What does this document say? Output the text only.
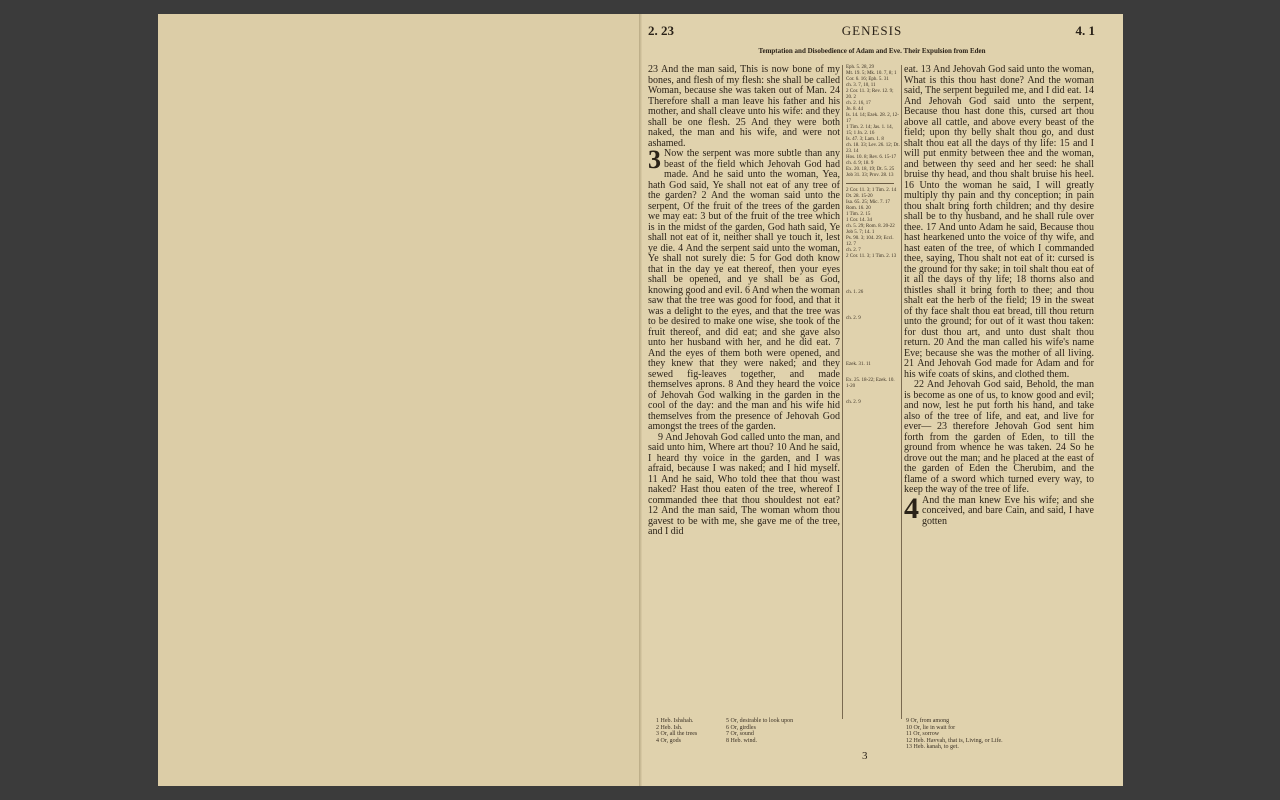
2. 23	GENESIS	4. 1
Temptation and Disobedience of Adam and Eve. Their Expulsion from Eden

23 And the man said, This is now bone of my bones, and flesh of my flesh: she shall be called Woman, because she was taken out of Man. 24 Therefore shall a man leave his father and his mother, and shall cleave unto his wife: and they shall be one flesh. 25 And they were both naked, the man and his wife, and were not ashamed.

3 Now the serpent was more subtle than any beast of the field which Jehovah God had made. And he said unto the woman, Yea, hath God said, Ye shall not eat of any tree of the garden? 2 And the woman said unto the serpent, Of the fruit of the trees of the garden we may eat: 3 but of the fruit of the tree which is in the midst of the garden, God hath said, Ye shall not eat of it, neither shall ye touch it, lest ye die. 4 And the serpent said unto the woman, Ye shall not surely die: 5 for God doth know that in the day ye eat thereof, then your eyes shall be opened, and ye shall be as God, knowing good and evil. 6 And when the woman saw that the tree was good for food, and that it was a delight to the eyes, and that the tree was to be desired to make one wise, she took of the fruit thereof, and did eat; and she gave also unto her husband with her, and he did eat. 7 And the eyes of them both were opened, and they knew that they were naked; and they sewed fig-leaves together, and made themselves aprons. 8 And they heard the voice of Jehovah God walking in the garden in the cool of the day: and the man and his wife hid themselves from the presence of Jehovah God amongst the trees of the garden.

9 And Jehovah God called unto the man, and said unto him, Where art thou? 10 And he said, I heard thy voice in the garden, and I was afraid, because I was naked; and I hid myself. 11 And he said, Who told thee that thou wast naked? Hast thou eaten of the tree, whereof I commanded thee that thou shouldest not eat? 12 And the man said, The woman whom thou gavest to be with me, she gave me of the tree, and I did

Eph. 5. 28, 29
Mt. 19. 5; Mk. 10. 7, 8; 1 Cor. 6. 16; Eph. 5. 31
ch. 3. 7, 10, 11
2 Cor. 11. 3; Rev. 12. 9; 20. 2
ch. 2. 16, 17
Jn. 8. 44
Is. 14. 14; Ezek. 28. 2, 12-17
1 Tim. 2. 14; Jas. 1. 14, 15; 1 Jn. 2. 16
Is. 47. 3; Lam. 1. 8
ch. 18. 33; Lev. 26. 12; Dt. 23. 14
Hos. 10. 8; Rev. 6. 15-17
ch. 4. 9; 18. 9
Ex. 20. 18, 19; Dt. 5. 25
Job 31. 33; Prov. 28. 13
2 Cor. 11. 3; 1 Tim. 2. 14
Dt. 28. 15-20
Isa. 65. 25; Mic. 7. 17
Rom. 16. 20
1 Tim. 2. 15
1 Cor. 14. 34
ch. 5. 29; Rom. 8. 20-22
Job 5. 7; 14. 1
Ps. 90. 3; 104. 29; Eccl. 12. 7
ch. 2. 7
2 Cor. 11. 3; 1 Tim. 2. 13
ch. 1. 26
ch. 2. 9
Ezek. 31. 11
Ex. 25. 18-22; Ezek. 10. 1-20
ch. 2. 9

eat. 13 And Jehovah God said unto the woman, What is this thou hast done? And the woman said, The serpent beguiled me, and I did eat. 14 And Jehovah God said unto the serpent, Because thou hast done this, cursed art thou above all cattle, and above every beast of the field; upon thy belly shalt thou go, and dust shalt thou eat all the days of thy life: 15 and I will put enmity between thee and the woman, and between thy seed and her seed: he shall bruise thy head, and thou shalt bruise his heel. 16 Unto the woman he said, I will greatly multiply thy pain and thy conception; in pain thou shalt bring forth children; and thy desire shall be to thy husband, and he shall rule over thee. 17 And unto Adam he said, Because thou hast hearkened unto the voice of thy wife, and hast eaten of the tree, of which I commanded thee, saying, Thou shalt not eat of it: cursed is the ground for thy sake; in toil shalt thou eat of it all the days of thy life; 18 thorns also and thistles shall it bring forth to thee; and thou shalt eat the herb of the field; 19 in the sweat of thy face shalt thou eat bread, till thou return unto the ground; for out of it wast thou taken: for dust thou art, and unto dust shalt thou return. 20 And the man called his wife's name Eve; because she was the mother of all living. 21 And Jehovah God made for Adam and for his wife coats of skins, and clothed them.

22 And Jehovah God said, Behold, the man is become as one of us, to know good and evil; and now, lest he put forth his hand, and take also of the tree of life, and eat, and live for ever— 23 therefore Jehovah God sent him forth from the garden of Eden, to till the ground from whence he was taken. 24 So he drove out the man; and he placed at the east of the garden of Eden the Cherubim, and the flame of a sword which turned every way, to keep the way of the tree of life.

4 And the man knew Eve his wife; and she conceived, and bare Cain, and said, I have gotten

1 Heb. Ishshah.
2 Heb. Ish.
3 Or, all the trees
4 Or, gods
5 Or, desirable to look upon
6 Or, girdles
7 Or, sound
8 Heb. wind.
9 Or, from among
10 Or, lie in wait for
11 Or, sorrow
12 Heb. Havvah, that is, Living, or Life.
13 Heb. kanah, to get.
3
